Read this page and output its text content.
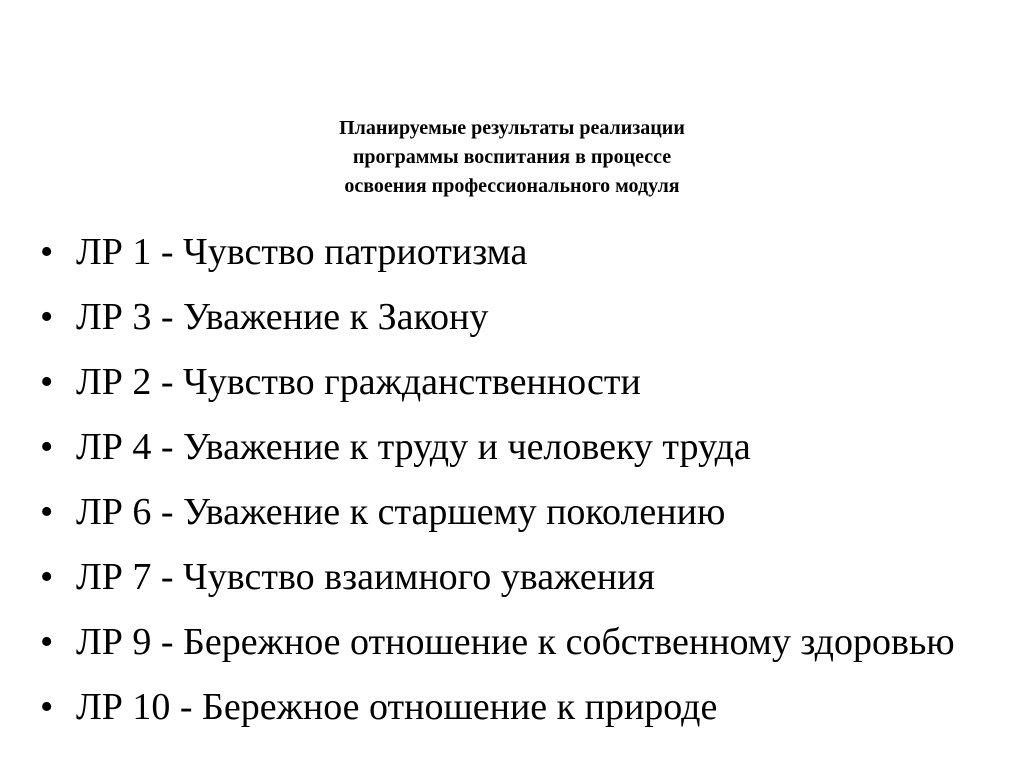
Планируемые результаты реализации
программы воспитания в процессе
освоения профессионального модуля
• ЛР 1 - Чувство патриотизма
• ЛР 3 - Уважение к Закону
• ЛР 2 - Чувство гражданственности
• ЛР 4 - Уважение к труду и человеку труда
• ЛР 6 - Уважение к старшему поколению
• ЛР 7 - Чувство взаимного уважения
• ЛР 9 - Бережное отношение к собственному здоровью
• ЛР 10 - Бережное отношение к природе
